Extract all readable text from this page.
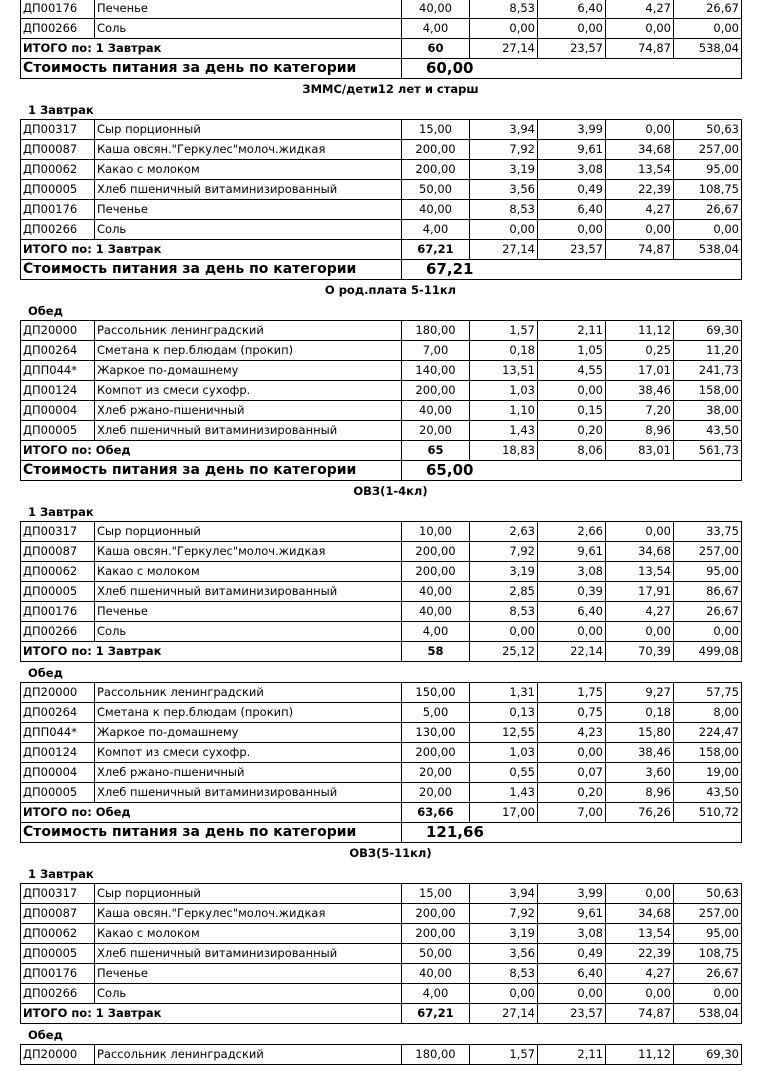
ДП00176	Печенье	40,00	8,53	6,40	4,27	26,67
ДП00266	Соль	4,00	0,00	0,00	0,00	0,00
ИТОГО по: 1 Завтрак		60	27,14	23,57	74,87	538,04
Стоимость питания за день по категории		60,00				
ЗММС/дети12 лет и старш
1 Завтрак
ДП00317	Сыр порционный	15,00	3,94	3,99	0,00	50,63
ДП00087	Каша овсян."Геркулес"молоч.жидкая	200,00	7,92	9,61	34,68	257,00
ДП00062	Какао с молоком	200,00	3,19	3,08	13,54	95,00
ДП00005	Хлеб пшеничный витаминизированный	50,00	3,56	0,49	22,39	108,75
ДП00176	Печенье	40,00	8,53	6,40	4,27	26,67
ДП00266	Соль	4,00	0,00	0,00	0,00	0,00
ИТОГО по: 1 Завтрак		67,21	27,14	23,57	74,87	538,04
Стоимость питания за день по категории		67,21				
О род.плата 5-11кл
Обед
ДП20000	Рассольник ленинградский	180,00	1,57	2,11	11,12	69,30
ДП00264	Сметана к пер.блюдам (прокип)	7,00	0,18	1,05	0,25	11,20
ДПП044*	Жаркое по-домашнему	140,00	13,51	4,55	17,01	241,73
ДП00124	Компот из смеси сухофр.	200,00	1,03	0,00	38,46	158,00
ДП00004	Хлеб ржано-пшеничный	40,00	1,10	0,15	7,20	38,00
ДП00005	Хлеб пшеничный витаминизированный	20,00	1,43	0,20	8,96	43,50
ИТОГО по: Обед		65	18,83	8,06	83,01	561,73
Стоимость питания за день по категории		65,00				
ОВЗ(1-4кл)
1 Завтрак
ДП00317	Сыр порционный	10,00	2,63	2,66	0,00	33,75
ДП00087	Каша овсян."Геркулес"молоч.жидкая	200,00	7,92	9,61	34,68	257,00
ДП00062	Какао с молоком	200,00	3,19	3,08	13,54	95,00
ДП00005	Хлеб пшеничный витаминизированный	40,00	2,85	0,39	17,91	86,67
ДП00176	Печенье	40,00	8,53	6,40	4,27	26,67
ДП00266	Соль	4,00	0,00	0,00	0,00	0,00
ИТОГО по: 1 Завтрак		58	25,12	22,14	70,39	499,08
Обед
ДП20000	Рассольник ленинградский	150,00	1,31	1,75	9,27	57,75
ДП00264	Сметана к пер.блюдам (прокип)	5,00	0,13	0,75	0,18	8,00
ДПП044*	Жаркое по-домашнему	130,00	12,55	4,23	15,80	224,47
ДП00124	Компот из смеси сухофр.	200,00	1,03	0,00	38,46	158,00
ДП00004	Хлеб ржано-пшеничный	20,00	0,55	0,07	3,60	19,00
ДП00005	Хлеб пшеничный витаминизированный	20,00	1,43	0,20	8,96	43,50
ИТОГО по: Обед		63,66	17,00	7,00	76,26	510,72
Стоимость питания за день по категории		121,66				
ОВЗ(5-11кл)
1 Завтрак
ДП00317	Сыр порционный	15,00	3,94	3,99	0,00	50,63
ДП00087	Каша овсян."Геркулес"молоч.жидкая	200,00	7,92	9,61	34,68	257,00
ДП00062	Какао с молоком	200,00	3,19	3,08	13,54	95,00
ДП00005	Хлеб пшеничный витаминизированный	50,00	3,56	0,49	22,39	108,75
ДП00176	Печенье	40,00	8,53	6,40	4,27	26,67
ДП00266	Соль	4,00	0,00	0,00	0,00	0,00
ИТОГО по: 1 Завтрак		67,21	27,14	23,57	74,87	538,04
Обед
ДП20000	Рассольник ленинградский	180,00	1,57	2,11	11,12	69,30
